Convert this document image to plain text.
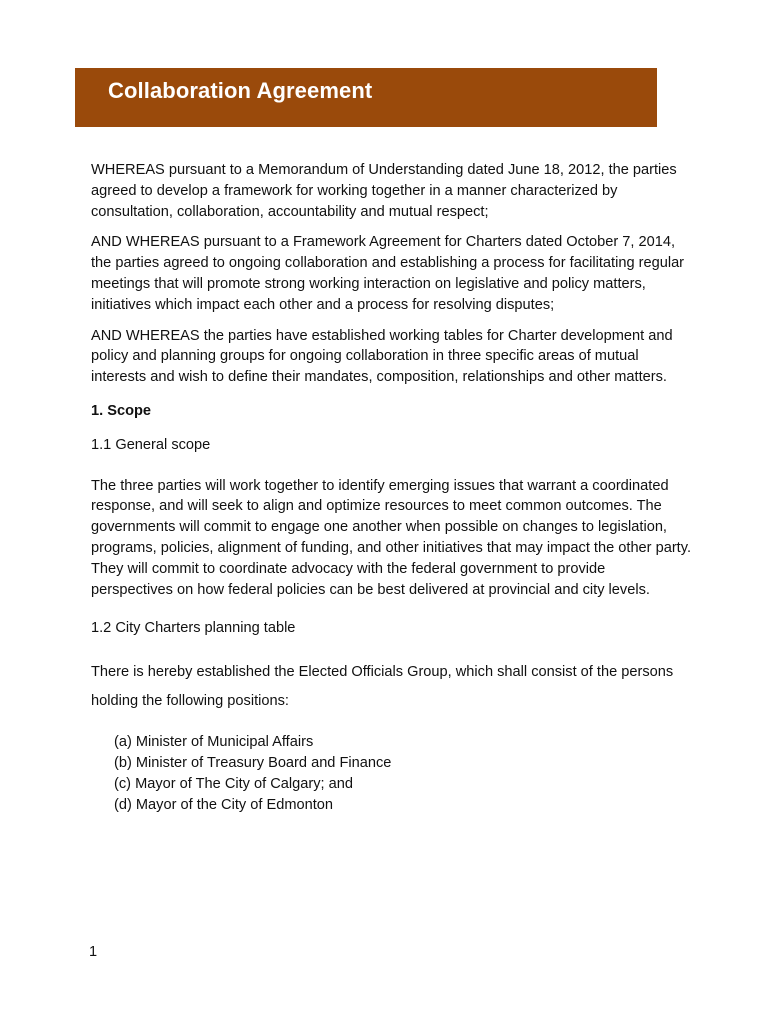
Collaboration Agreement

WHEREAS pursuant to a Memorandum of Understanding dated June 18, 2012, the parties agreed to develop a framework for working together in a manner characterized by consultation, collaboration, accountability and mutual respect;

AND WHEREAS pursuant to a Framework Agreement for Charters dated October 7, 2014, the parties agreed to ongoing collaboration and establishing a process for facilitating regular meetings that will promote strong working interaction on legislative and policy matters, initiatives which impact each other and a process for resolving disputes;

AND WHEREAS the parties have established working tables for Charter development and policy and planning groups for ongoing collaboration in three specific areas of mutual interests and wish to define their mandates, composition, relationships and other matters.

1. Scope

1.1 General scope

The three parties will work together to identify emerging issues that warrant a coordinated response, and will seek to align and optimize resources to meet common outcomes. The governments will commit to engage one another when possible on changes to legislation, programs, policies, alignment of funding, and other initiatives that may impact the other party. They will commit to coordinate advocacy with the federal government to provide perspectives on how federal policies can be best delivered at provincial and city levels.

1.2 City Charters planning table

There is hereby established the Elected Officials Group, which shall consist of the persons holding the following positions:

(a) Minister of Municipal Affairs
(b) Minister of Treasury Board and Finance
(c) Mayor of The City of Calgary; and
(d) Mayor of the City of Edmonton

1
